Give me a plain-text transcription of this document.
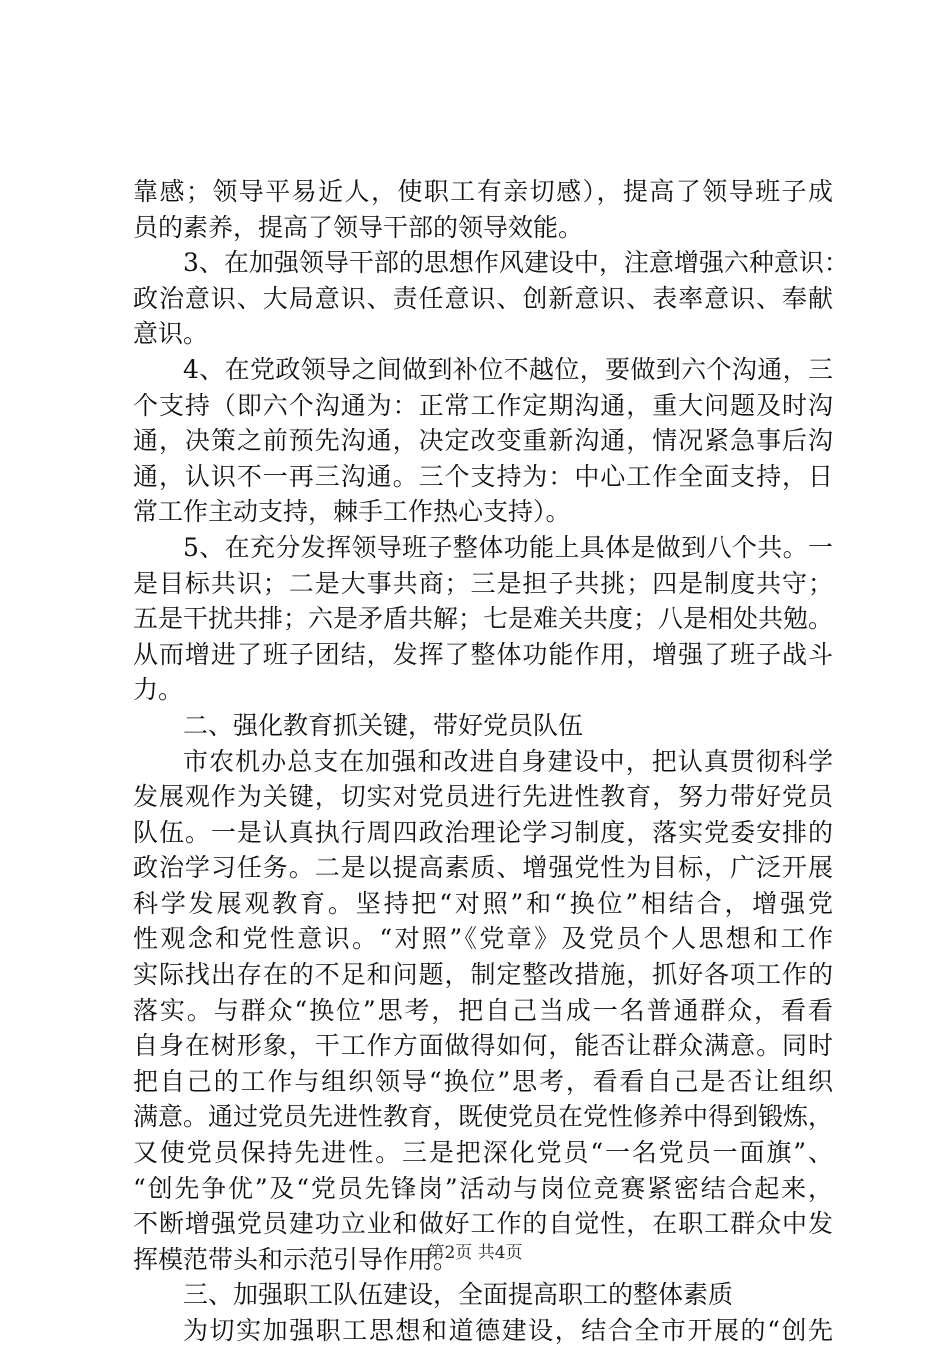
靠感；领导平易近人，使职工有亲切感），提高了领导班子成
员的素养，提高了领导干部的领导效能。
3、在加强领导干部的思想作风建设中，注意增强六种意识：
政治意识、大局意识、责任意识、创新意识、表率意识、奉献
意识。
4、在党政领导之间做到补位不越位，要做到六个沟通，三
个支持（即六个沟通为：正常工作定期沟通，重大问题及时沟
通，决策之前预先沟通，决定改变重新沟通，情况紧急事后沟
通，认识不一再三沟通。三个支持为：中心工作全面支持，日
常工作主动支持，棘手工作热心支持）。
5、在充分发挥领导班子整体功能上具体是做到八个共。一
是目标共识；二是大事共商；三是担子共挑；四是制度共守；
五是干扰共排；六是矛盾共解；七是难关共度；八是相处共勉。
从而增进了班子团结，发挥了整体功能作用，增强了班子战斗
力。
二、强化教育抓关键，带好党员队伍
市农机办总支在加强和改进自身建设中，把认真贯彻科学
发展观作为关键，切实对党员进行先进性教育，努力带好党员
队伍。一是认真执行周四政治理论学习制度，落实党委安排的
政治学习任务。二是以提高素质、增强党性为目标，广泛开展
科学发展观教育。坚持把“对照”和“换位”相结合，增强党
性观念和党性意识。“对照”《党章》及党员个人思想和工作
实际找出存在的不足和问题，制定整改措施，抓好各项工作的
落实。与群众“换位”思考，把自己当成一名普通群众，看看
自身在树形象，干工作方面做得如何，能否让群众满意。同时
把自己的工作与组织领导“换位”思考，看看自己是否让组织
满意。通过党员先进性教育，既使党员在党性修养中得到锻炼，
又使党员保持先进性。三是把深化党员“一名党员一面旗”、
“创先争优”及“党员先锋岗”活动与岗位竞赛紧密结合起来，
不断增强党员建功立业和做好工作的自觉性，在职工群众中发
挥模范带头和示范引导作用。
三、加强职工队伍建设，全面提高职工的整体素质
为切实加强职工思想和道德建设，结合全市开展的“创先
第2页 共4页
